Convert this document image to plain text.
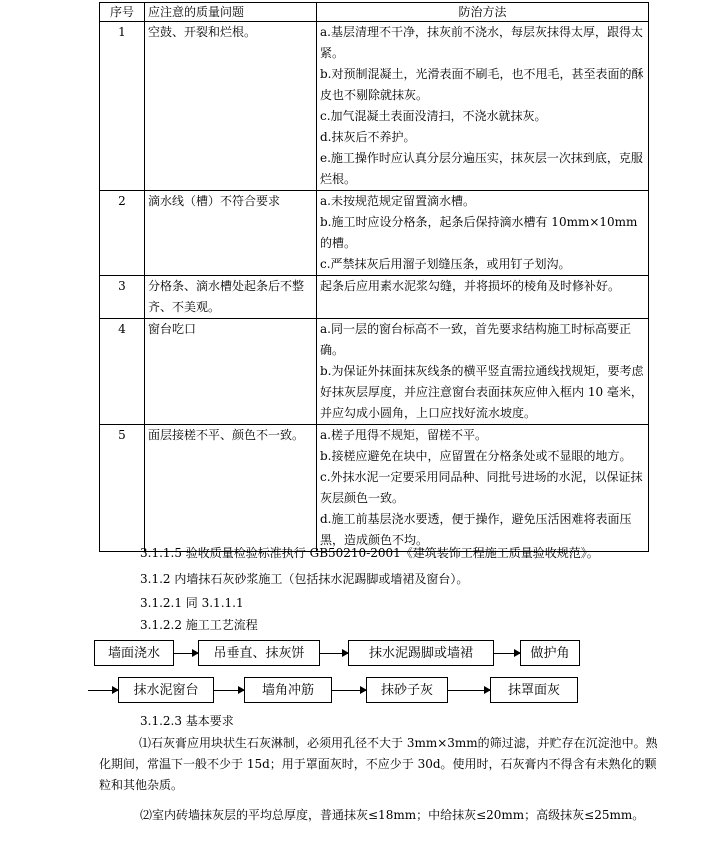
序号	应注意的质量问题	防治方法
1	空鼓、开裂和烂根。	a.基层清理不干净，抹灰前不浇水，每层灰抹得太厚，跟得太紧。
b.对预制混凝土，光滑表面不刷毛，也不甩毛，甚至表面的酥皮也不剔除就抹灰。
c.加气混凝土表面没清扫，不浇水就抹灰。
d.抹灰后不养护。
e.施工操作时应认真分层分遍压实，抹灰层一次抹到底，克服烂根。

2	滴水线（槽）不符合要求	a.未按规范规定留置滴水槽。
b.施工时应设分格条，起条后保持滴水槽有 10mm×10mm 的槽。
c.严禁抹灰后用溜子划缝压条，或用钉子划沟。

3	分格条、滴水槽处起条后不整齐、不美观。	起条后应用素水泥浆勾缝，并将损坏的棱角及时修补好。

4	窗台吃口	a.同一层的窗台标高不一致，首先要求结构施工时标高要正确。
b.为保证外抹面抹灰线条的横平竖直需拉通线找规矩，要考虑好抹灰层厚度，并应注意窗台表面抹灰应伸入框内 10 毫米，并应勾成小圆角，上口应找好流水坡度。

5	面层接槎不平、颜色不一致。	a.槎子甩得不规矩，留槎不平。
b.接槎应避免在块中，应留置在分格条处或不显眼的地方。
c.外抹水泥一定要采用同品种、同批号进场的水泥，以保证抹灰层颜色一致。
d.施工前基层浇水要透，便于操作，避免压活困难将表面压黑，造成颜色不均。
3.1.1.5 验收质量检验标准执行 GB50210-2001《建筑装饰工程施工质量验收规范》。
3.1.2 内墙抹石灰砂浆施工（包括抹水泥踢脚或墙裙及窗台）。
3.1.2.1 同 3.1.1.1
3.1.2.2 施工工艺流程
墙面浇水	吊垂直、抹灰饼	抹水泥踢脚或墙裙	做护角
抹水泥窗台	墙角冲筋	抹砂子灰	抹罩面灰
3.1.2.3 基本要求
⑴石灰膏应用块状生石灰淋制，必须用孔径不大于 3mm×3mm的筛过滤，并贮存在沉淀池中。熟化期间，常温下一般不少于 15d；用于罩面灰时，不应少于 30d。使用时，石灰膏内不得含有未熟化的颗粒和其他杂质。
⑵室内砖墙抹灰层的平均总厚度，普通抹灰≤18mm；中给抹灰≤20mm；高级抹灰≤25mm。
